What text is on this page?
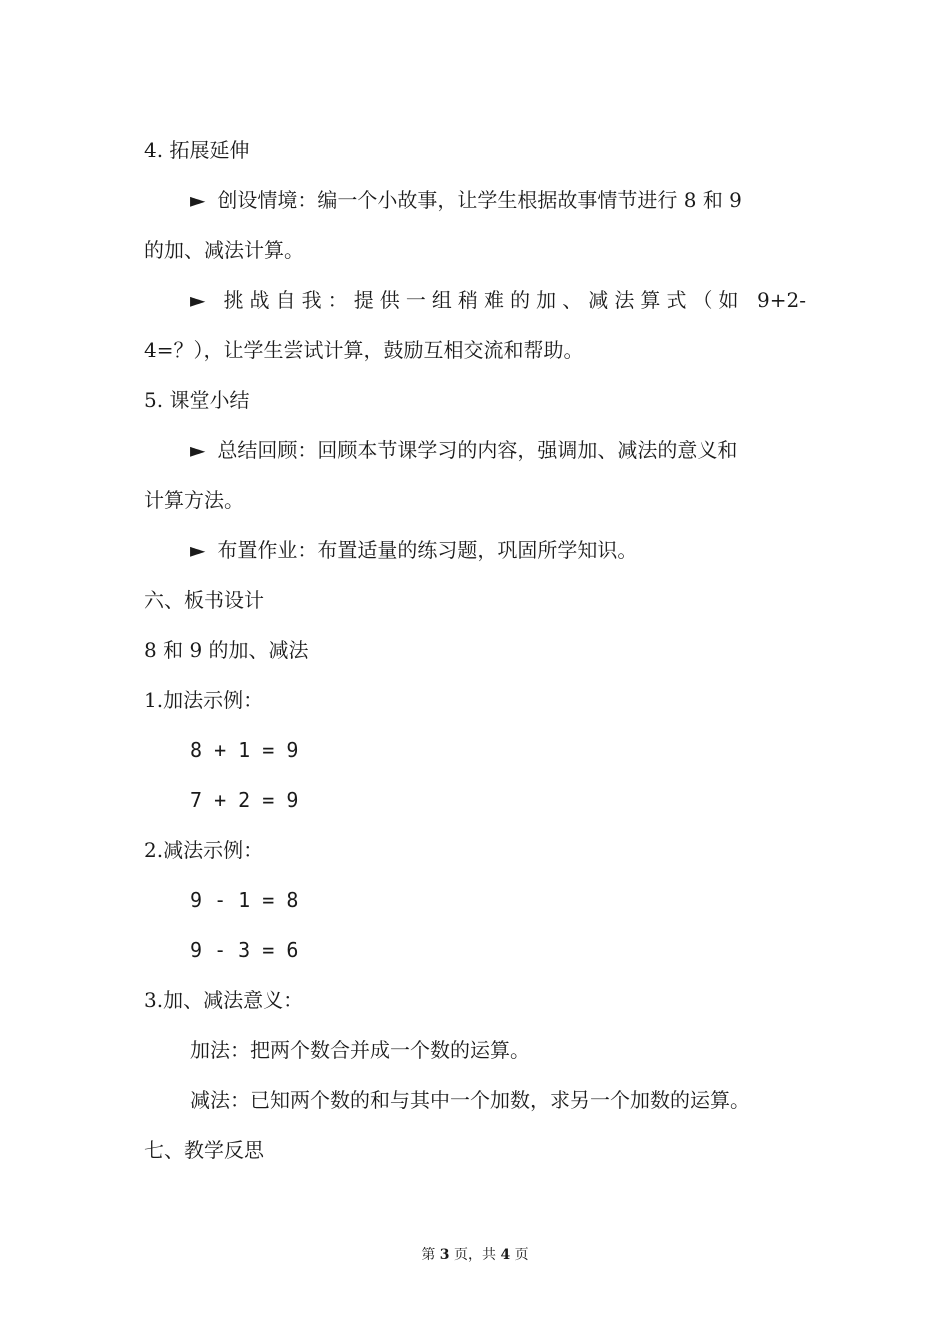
4. 拓展延伸
► 创设情境：编一个小故事，让学生根据故事情节进行 8 和 9
的加、减法计算。
► 挑战自我：提供一组稍难的加、减法算式（如 9+2-
4=？），让学生尝试计算，鼓励互相交流和帮助。
5. 课堂小结
► 总结回顾：回顾本节课学习的内容，强调加、减法的意义和
计算方法。
► 布置作业：布置适量的练习题，巩固所学知识。
六、板书设计
8 和 9 的加、减法
1.加法示例：
8 + 1 = 9
7 + 2 = 9
2.减法示例：
9 - 1 = 8
9 - 3 = 6
3.加、减法意义：
加法：把两个数合并成一个数的运算。
减法：已知两个数的和与其中一个加数，求另一个加数的运算。
七、教学反思
第 3 页，共 4 页
